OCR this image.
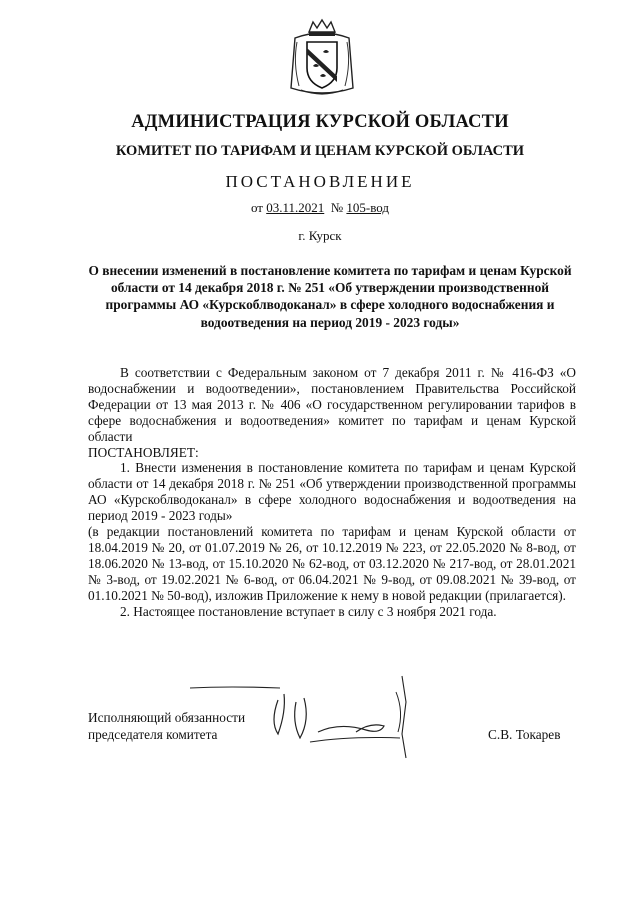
АДМИНИСТРАЦИЯ КУРСКОЙ ОБЛАСТИ
КОМИТЕТ ПО ТАРИФАМ И ЦЕНАМ КУРСКОЙ ОБЛАСТИ
ПОСТАНОВЛЕНИЕ
от 03.11.2021 № 105-вод
г. Курск
О внесении изменений в постановление комитета по тарифам и ценам Курской области от 14 декабря 2018 г. № 251 «Об утверждении производственной программы АО «Курскоблводоканал» в сфере холодного водоснабжения и водоотведения на период 2019 - 2023 годы»

В соответствии с Федеральным законом от 7 декабря 2011 г. № 416-ФЗ «О водоснабжении и водоотведении», постановлением Правительства Российской Федерации от 13 мая 2013 г. № 406 «О государственном регулировании тарифов в сфере водоснабжения и водоотведения» комитет по тарифам и ценам Курской области

ПОСТАНОВЛЯЕТ:

1. Внести изменения в постановление комитета по тарифам и ценам Курской области от 14 декабря 2018 г. № 251 «Об утверждении производственной программы АО «Курскоблводоканал» в сфере холодного водоснабжения и водоотведения на период 2019 - 2023 годы»

(в редакции постановлений комитета по тарифам и ценам Курской области от 18.04.2019 № 20, от 01.07.2019 № 26, от 10.12.2019 № 223, от 22.05.2020 № 8-вод, от 18.06.2020 № 13-вод, от 15.10.2020 № 62-вод, от 03.12.2020 № 217-вод, от 28.01.2021 № 3-вод, от 19.02.2021 № 6-вод, от 06.04.2021 № 9-вод, от 09.08.2021 № 39-вод, от 01.10.2021 № 50-вод), изложив Приложение к нему в новой редакции (прилагается).

2. Настоящее постановление вступает в силу с 3 ноября 2021 года.

Исполняющий обязанности
председателя комитета	С.В. Токарев
